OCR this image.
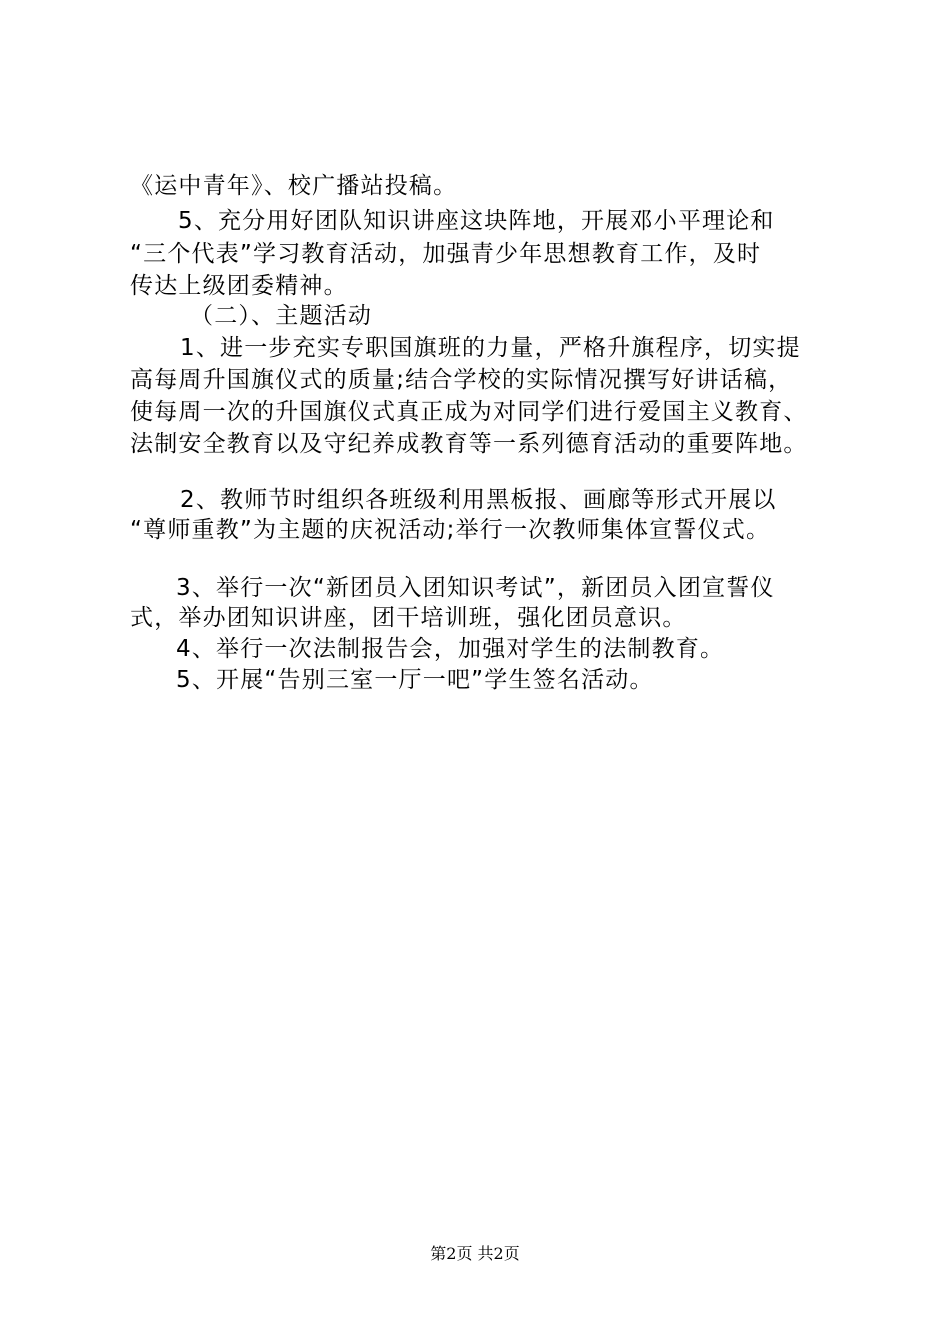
《运中青年》、校广播站投稿。
5、充分用好团队知识讲座这块阵地，开展邓小平理论和
“三个代表”学习教育活动，加强青少年思想教育工作，及时
传达上级团委精神。
（二）、主题活动
1、进一步充实专职国旗班的力量，严格升旗程序，切实提
高每周升国旗仪式的质量;结合学校的实际情况撰写好讲话稿，
使每周一次的升国旗仪式真正成为对同学们进行爱国主义教育、
法制安全教育以及守纪养成教育等一系列德育活动的重要阵地。
2、教师节时组织各班级利用黑板报、画廊等形式开展以
“尊师重教”为主题的庆祝活动;举行一次教师集体宣誓仪式。
3、举行一次“新团员入团知识考试”，新团员入团宣誓仪
式，举办团知识讲座，团干培训班，强化团员意识。
4、举行一次法制报告会，加强对学生的法制教育。
5、开展“告别三室一厅一吧”学生签名活动。
第2页 共2页
